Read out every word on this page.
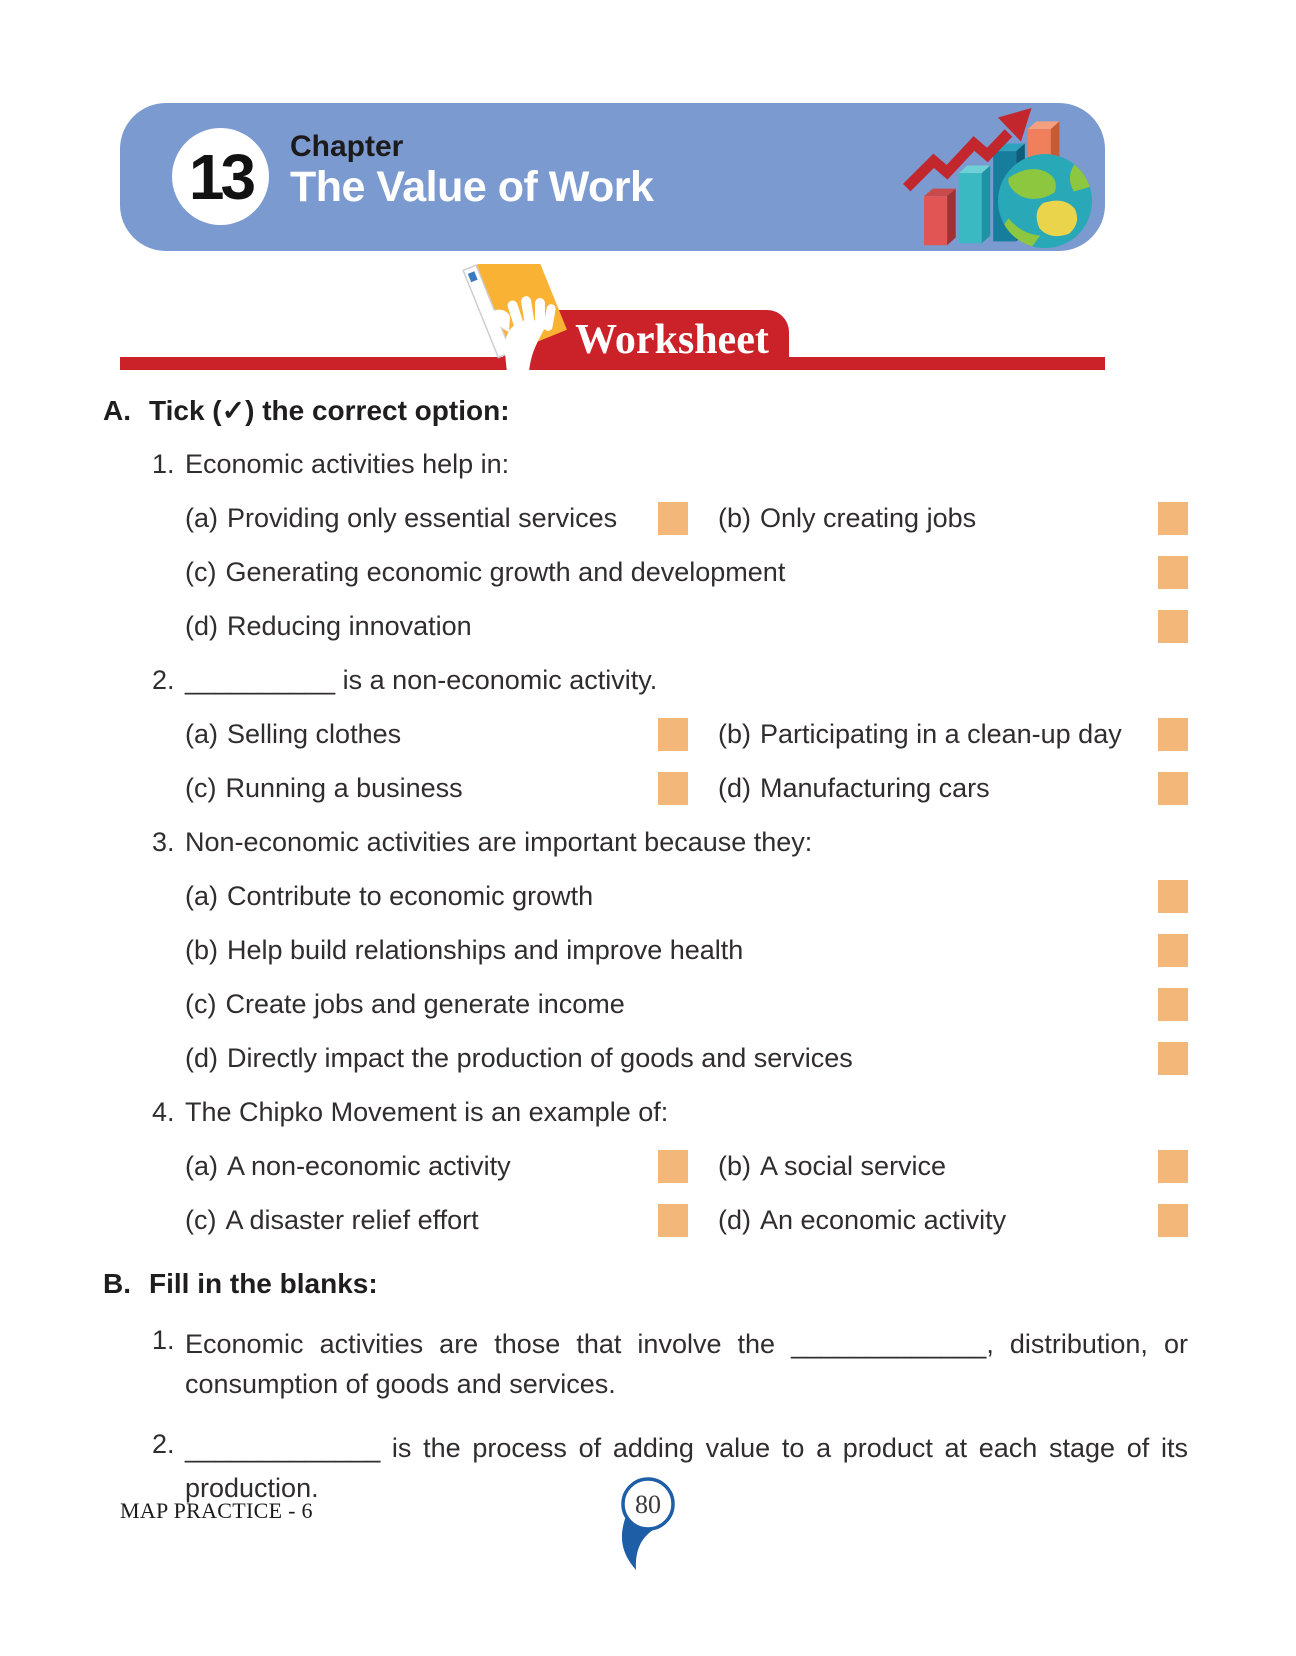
13 Chapter
The Value of Work
Worksheet
A. Tick (✓) the correct option:
1. Economic activities help in:
(a) Providing only essential services	(b) Only creating jobs
(c) Generating economic growth and development
(d) Reducing innovation
2. __________ is a non-economic activity.
(a) Selling clothes	(b) Participating in a clean-up day
(c) Running a business	(d) Manufacturing cars
3. Non-economic activities are important because they:
(a) Contribute to economic growth
(b) Help build relationships and improve health
(c) Create jobs and generate income
(d) Directly impact the production of goods and services
4. The Chipko Movement is an example of:
(a) A non-economic activity	(b) A social service
(c) A disaster relief effort	(d) An economic activity
B. Fill in the blanks:
1. Economic activities are those that involve the _____________, distribution, or consumption of goods and services.
2. _____________ is the process of adding value to a product at each stage of its production.
MAP PRACTICE - 6	80
